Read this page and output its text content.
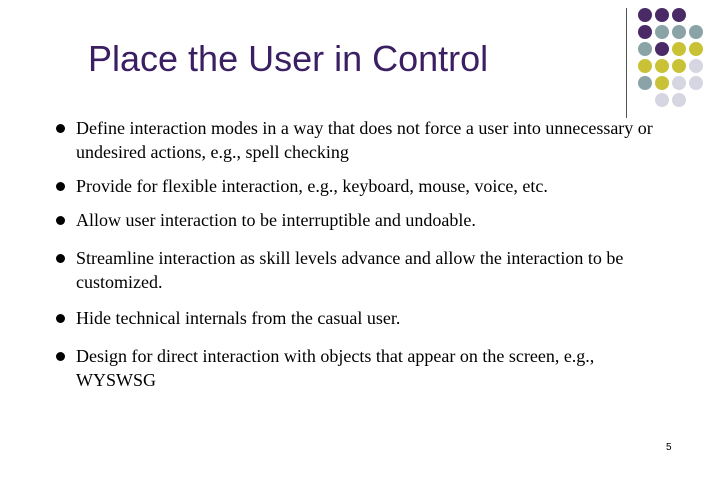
Place the User in Control
Define interaction modes in a way that does not force a user into unnecessary or undesired actions, e.g., spell checking
Provide for flexible interaction, e.g., keyboard, mouse, voice, etc.
Allow user interaction to be interruptible and undoable.
Streamline interaction as skill levels advance and allow the interaction to be customized.
Hide technical internals from the casual user.
Design for direct interaction with objects that appear on the screen, e.g., WYSWSG
5
